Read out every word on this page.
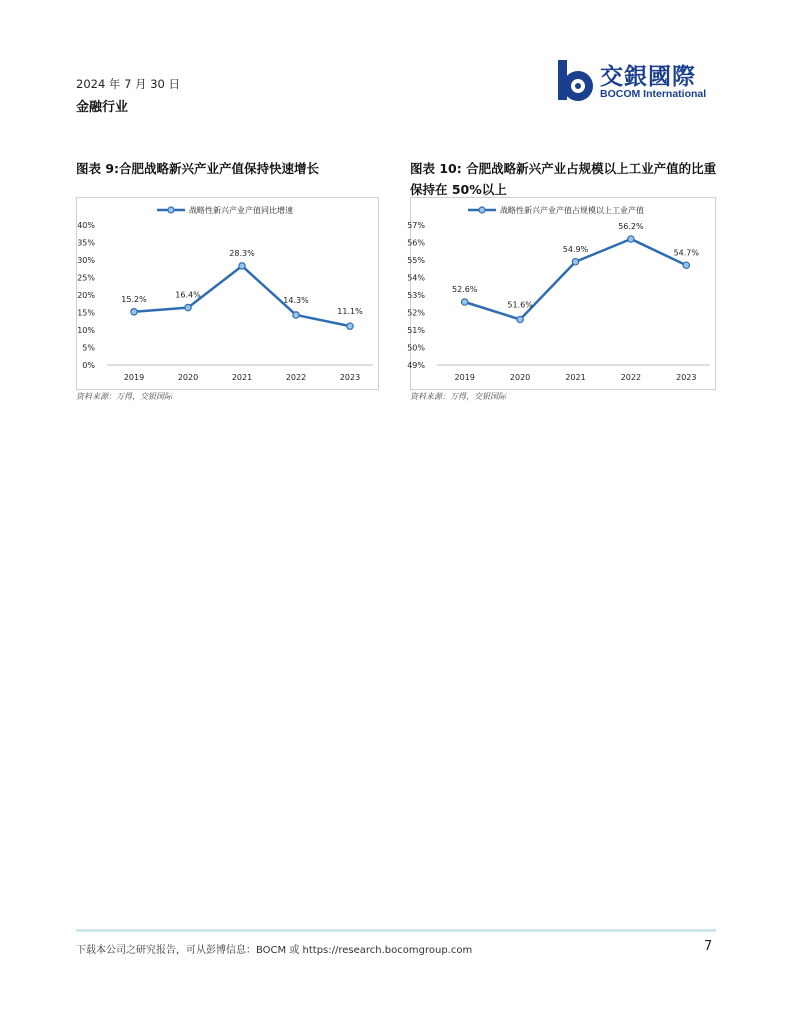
2024 年 7 月 30 日
金融行业
交銀國際
BOCOM International
图表 9:合肥战略新兴产业产值保持快速增长
0%
5%
10%
15%
20%
25%
30%
35%
40%
2019	2020	2021	2022	2023
战略性新兴产业产值同比增速
15.2%	16.4%
28.3%
14.3%
11.1%
资料来源：万得，交银国际
图表 10: 合肥战略新兴产业占规模以上工业产值的比重保持在 50%以上
49%
50%
51%
52%
53%
54%
55%
56%
57%
2019	2020	2021	2022	2023
战略性新兴产业产值占规模以上工业产值
52.6%
51.6%
54.9%
56.2%
54.7%
资料来源：万得，交银国际
下载本公司之研究报告，可从彭博信息：BOCM 或 https://research.bocomgroup.com	7
